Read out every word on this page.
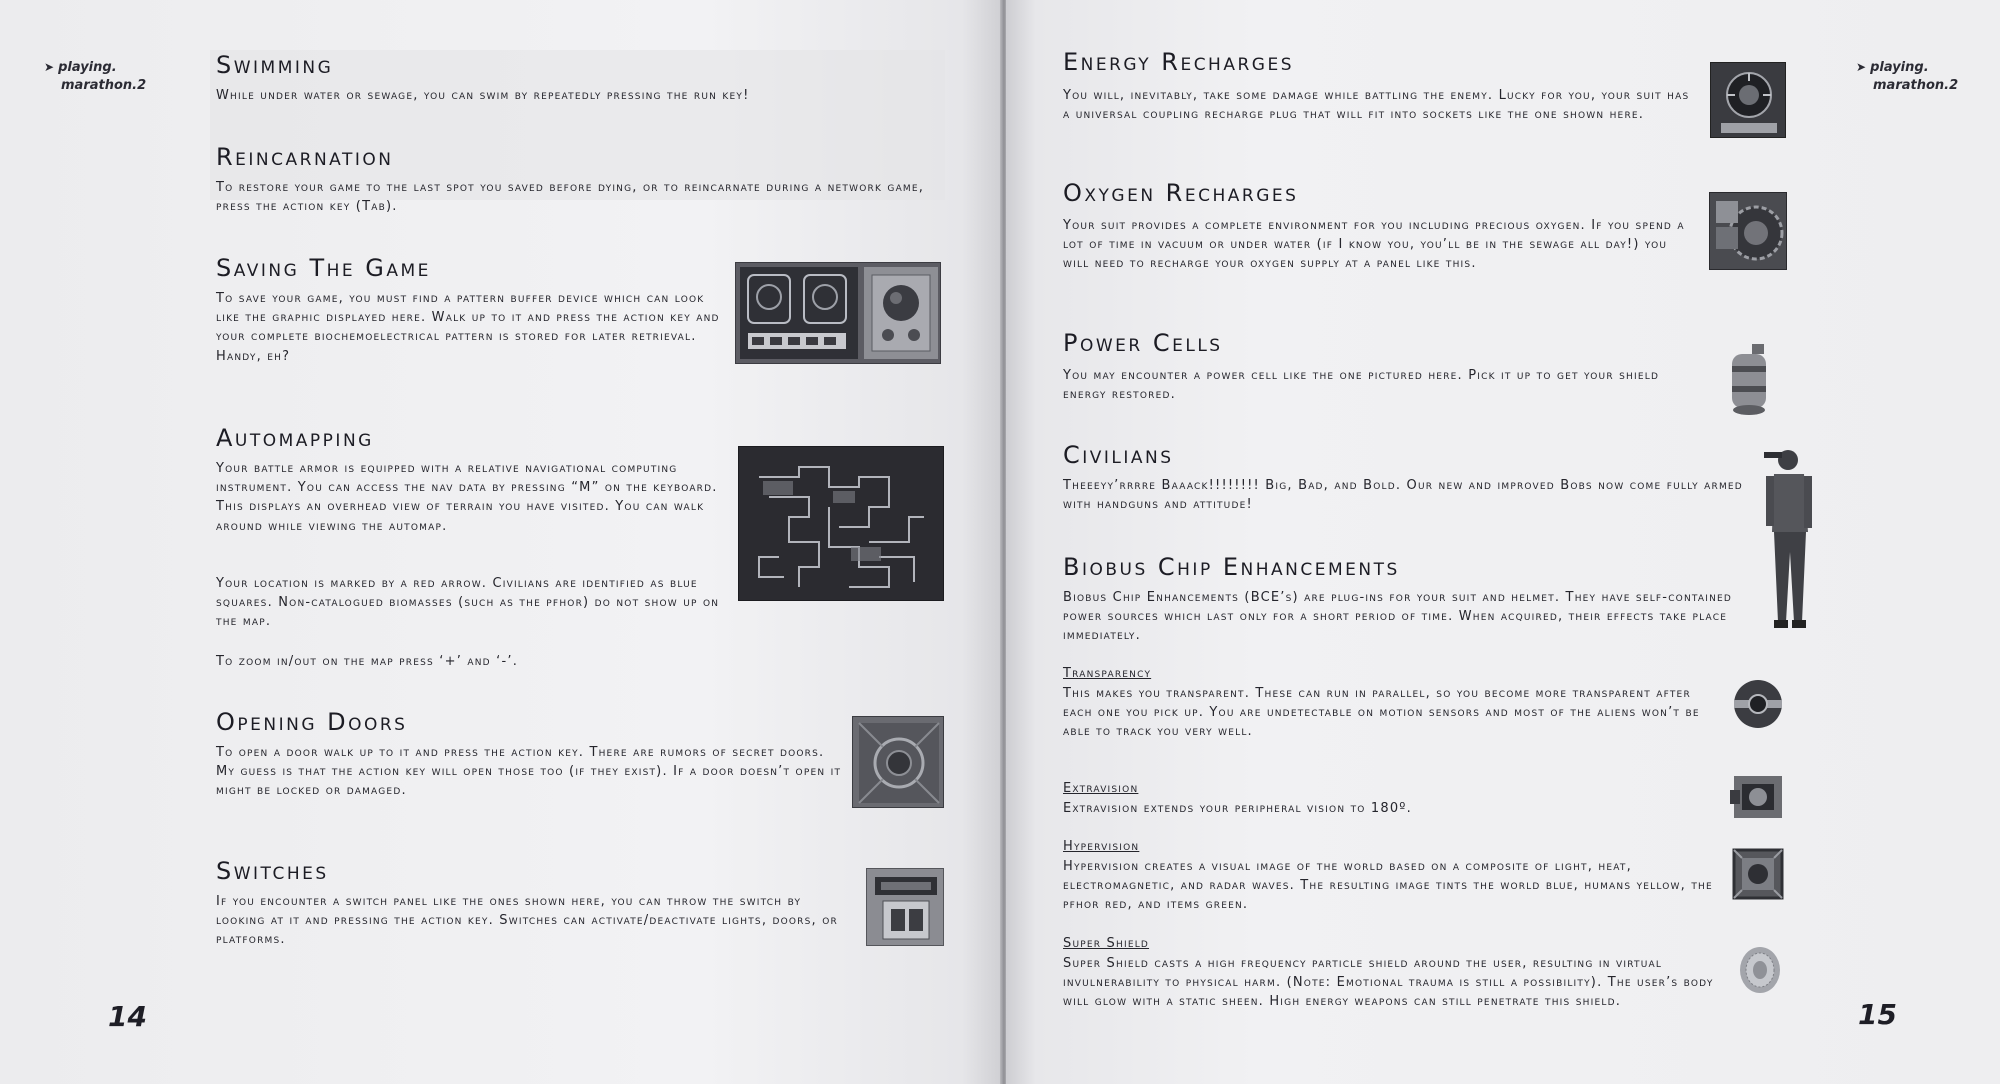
➤ playing.
marathon.2
Swimming

While under water or sewage, you can swim by repeatedly pressing the run key!

Reincarnation

To restore your game to the last spot you saved before dying, or to reincarnate during a network game, press the action key (Tab).

Saving The Game

To save your game, you must find a pattern buffer device which can look like the graphic displayed here. Walk up to it and press the action key and your complete biochemoelectrical pattern is stored for later retrieval. Handy, eh?

Automapping

Your battle armor is equipped with a relative navigational computing instrument. You can access the nav data by pressing “M” on the keyboard. This displays an overhead view of terrain you have visited. You can walk around while viewing the automap.

Your location is marked by a red arrow. Civilians are identified as blue squares. Non-catalogued biomasses (such as the pfhor) do not show up on the map.

To zoom in/out on the map press ‘+’ and ‘-’.

Opening Doors

To open a door walk up to it and press the action key. There are rumors of secret doors. My guess is that the action key will open those too (if they exist). If a door doesn’t open it might be locked or damaged.

Switches

If you encounter a switch panel like the ones shown here, you can throw the switch by looking at it and pressing the action key. Switches can activate/deactivate lights, doors, or platforms.

14
➤ playing.
marathon.2
Energy Recharges

You will, inevitably, take some damage while battling the enemy. Lucky for you, your suit has a universal coupling recharge plug that will fit into sockets like the one shown here.

Oxygen Recharges

Your suit provides a complete environment for you including precious oxygen. If you spend a lot of time in vacuum or under water (if I know you, you’ll be in the sewage all day!) you will need to recharge your oxygen supply at a panel like this.

Power Cells

You may encounter a power cell like the one pictured here. Pick it up to get your shield energy restored.

Civilians

Theeeyy’rrrre Baaack!!!!!!!! Big, Bad, and Bold. Our new and improved Bobs now come fully armed with handguns and attitude!

Biobus Chip Enhancements

Biobus Chip Enhancements (BCE’s) are plug-ins for your suit and helmet. They have self-contained power sources which last only for a short period of time. When acquired, their effects take place immediately.

Transparency

This makes you transparent. These can run in parallel, so you become more transparent after each one you pick up. You are undetectable on motion sensors and most of the aliens won’t be able to track you very well.

Extravision

Extravision extends your peripheral vision to 180º.

Hypervision

Hypervision creates a visual image of the world based on a composite of light, heat, electromagnetic, and radar waves. The resulting image tints the world blue, humans yellow, the pfhor red, and items green.

Super Shield

Super Shield casts a high frequency particle shield around the user, resulting in virtual invulnerability to physical harm. (Note: Emotional trauma is still a possibility). The user’s body will glow with a static sheen. High energy weapons can still penetrate this shield.	15
